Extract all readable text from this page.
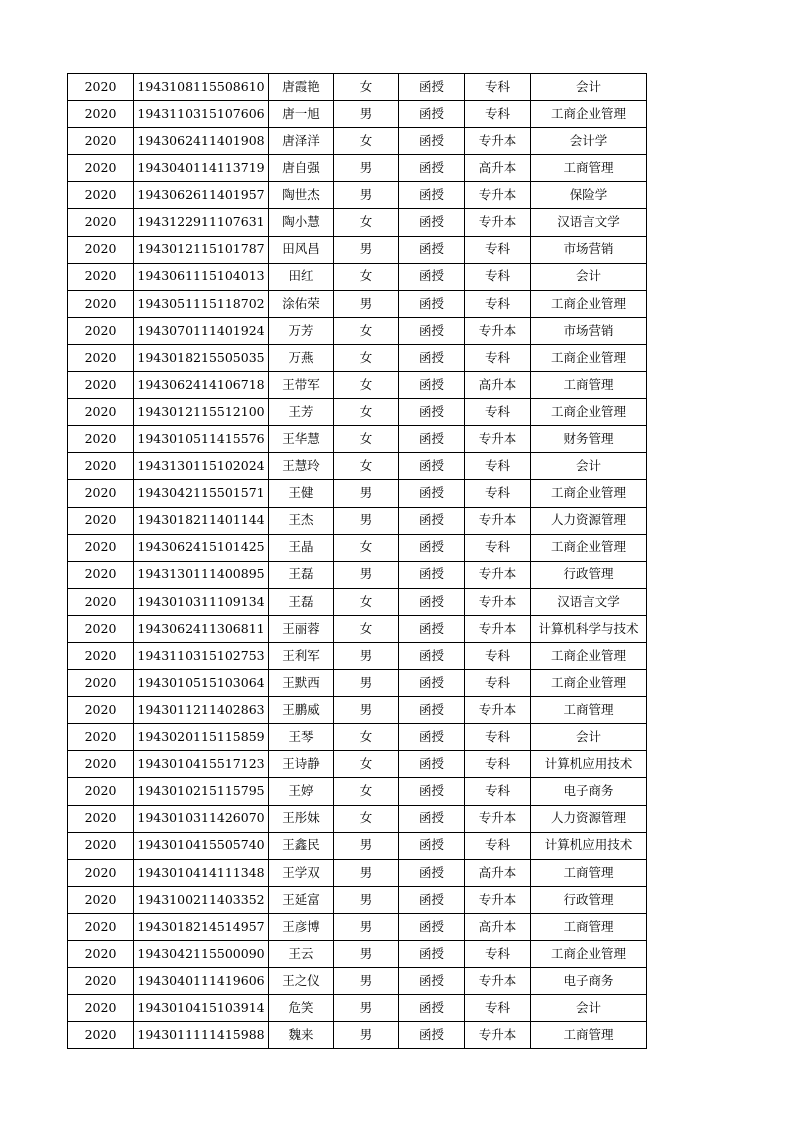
2020	1943108115508610	唐霞艳	女	函授	专科	会计
2020	1943110315107606	唐一旭	男	函授	专科	工商企业管理
2020	1943062411401908	唐泽洋	女	函授	专升本	会计学
2020	1943040114113719	唐自强	男	函授	高升本	工商管理
2020	1943062611401957	陶世杰	男	函授	专升本	保险学
2020	1943122911107631	陶小慧	女	函授	专升本	汉语言文学
2020	1943012115101787	田风昌	男	函授	专科	市场营销
2020	1943061115104013	田红	女	函授	专科	会计
2020	1943051115118702	涂佑荣	男	函授	专科	工商企业管理
2020	1943070111401924	万芳	女	函授	专升本	市场营销
2020	1943018215505035	万燕	女	函授	专科	工商企业管理
2020	1943062414106718	王带军	女	函授	高升本	工商管理
2020	1943012115512100	王芳	女	函授	专科	工商企业管理
2020	1943010511415576	王华慧	女	函授	专升本	财务管理
2020	1943130115102024	王慧玲	女	函授	专科	会计
2020	1943042115501571	王健	男	函授	专科	工商企业管理
2020	1943018211401144	王杰	男	函授	专升本	人力资源管理
2020	1943062415101425	王晶	女	函授	专科	工商企业管理
2020	1943130111400895	王磊	男	函授	专升本	行政管理
2020	1943010311109134	王磊	女	函授	专升本	汉语言文学
2020	1943062411306811	王丽蓉	女	函授	专升本	计算机科学与技术
2020	1943110315102753	王利军	男	函授	专科	工商企业管理
2020	1943010515103064	王默西	男	函授	专科	工商企业管理
2020	1943011211402863	王鹏威	男	函授	专升本	工商管理
2020	1943020115115859	王琴	女	函授	专科	会计
2020	1943010415517123	王诗静	女	函授	专科	计算机应用技术
2020	1943010215115795	王婷	女	函授	专科	电子商务
2020	1943010311426070	王彤妹	女	函授	专升本	人力资源管理
2020	1943010415505740	王鑫民	男	函授	专科	计算机应用技术
2020	1943010414111348	王学双	男	函授	高升本	工商管理
2020	1943100211403352	王延富	男	函授	专升本	行政管理
2020	1943018214514957	王彦博	男	函授	高升本	工商管理
2020	1943042115500090	王云	男	函授	专科	工商企业管理
2020	1943040111419606	王之仪	男	函授	专升本	电子商务
2020	1943010415103914	危笑	男	函授	专科	会计
2020	1943011111415988	魏来	男	函授	专升本	工商管理
